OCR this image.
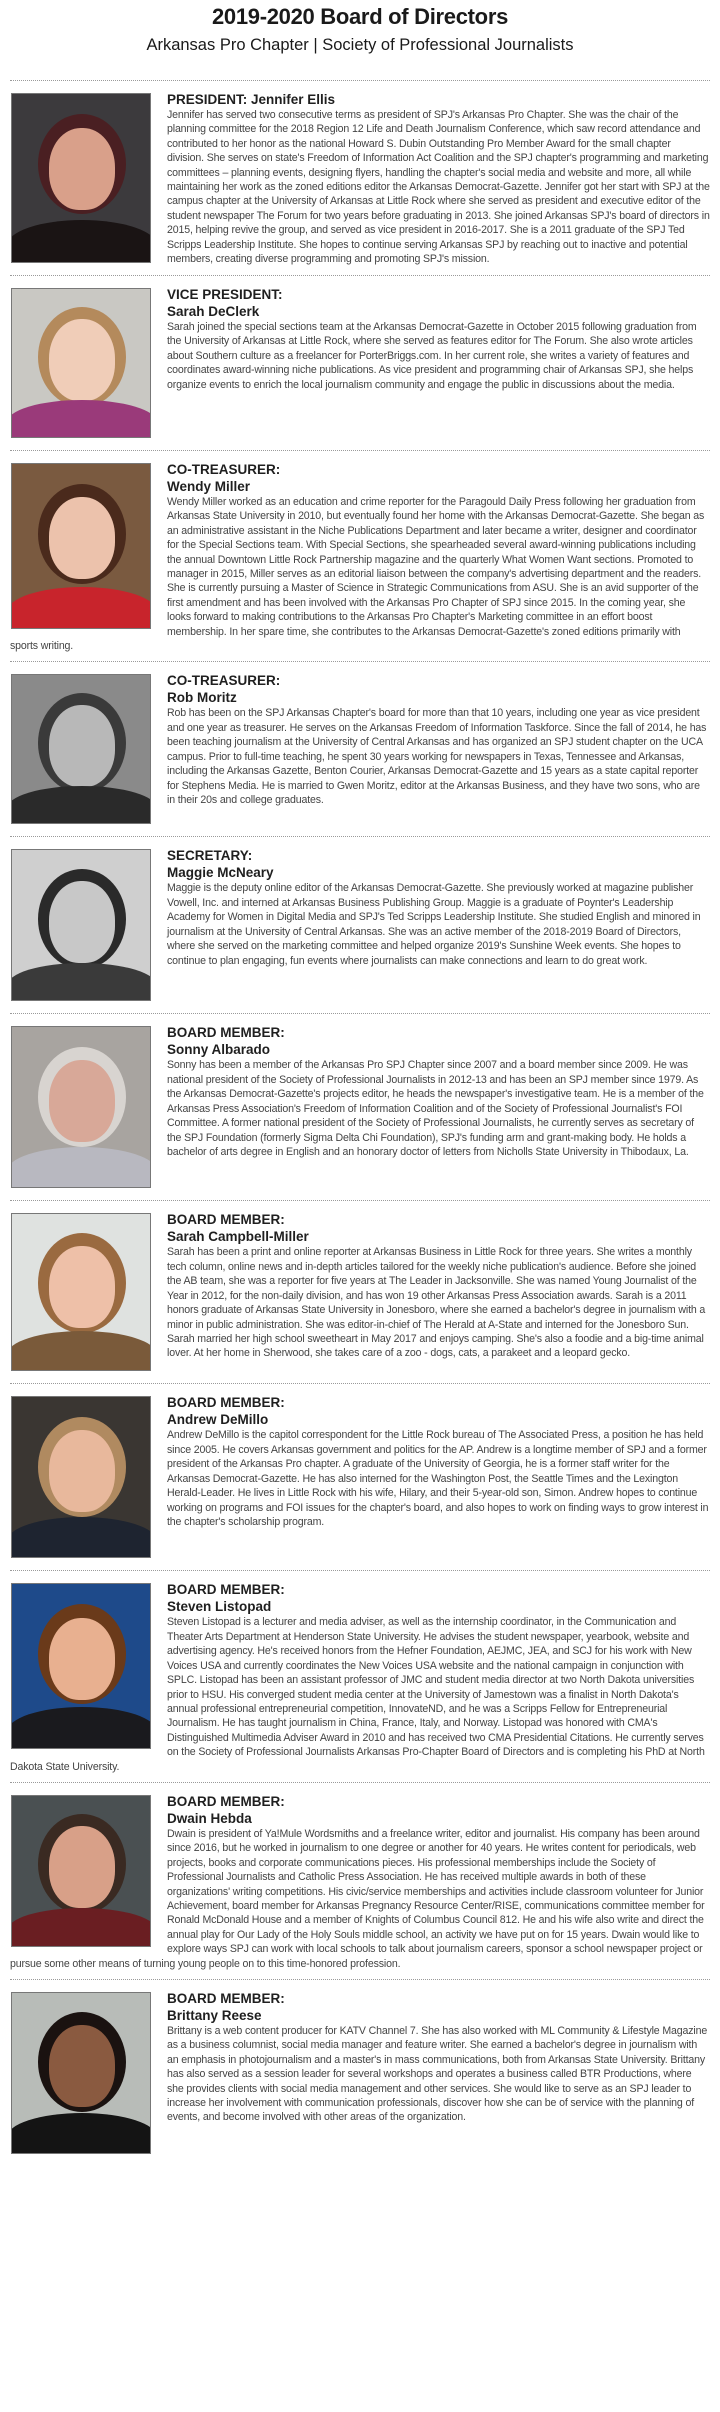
2019-2020 Board of Directors
Arkansas Pro Chapter | Society of Professional Journalists
PRESIDENT: Jennifer Ellis
Jennifer has served two consecutive terms as president of SPJ's Arkansas Pro Chapter. She was the chair of the planning committee for the 2018 Region 12 Life and Death Journalism Conference, which saw record attendance and contributed to her honor as the national Howard S. Dubin Outstanding Pro Member Award for the small chapter division. She serves on state's Freedom of Information Act Coalition and the SPJ chapter's programming and marketing committees – planning events, designing flyers, handling the chapter's social media and website and more, all while maintaining her work as the zoned editions editor the Arkansas Democrat-Gazette. Jennifer got her start with SPJ at the campus chapter at the University of Arkansas at Little Rock where she served as president and executive editor of the student newspaper The Forum for two years before graduating in 2013. She joined Arkansas SPJ's board of directors in 2015, helping revive the group, and served as vice president in 2016-2017. She is a 2011 graduate of the SPJ Ted Scripps Leadership Institute. She hopes to continue serving Arkansas SPJ by reaching out to inactive and potential members, creating diverse programming and promoting SPJ's mission.
VICE PRESIDENT:
Sarah DeClerk
Sarah joined the special sections team at the Arkansas Democrat-Gazette in October 2015 following graduation from the University of Arkansas at Little Rock, where she served as features editor for The Forum. She also wrote articles about Southern culture as a freelancer for PorterBriggs.com. In her current role, she writes a variety of features and coordinates award-winning niche publications. As vice president and programming chair of Arkansas SPJ, she helps organize events to enrich the local journalism community and engage the public in discussions about the media.
CO-TREASURER:
Wendy Miller
Wendy Miller worked as an education and crime reporter for the Paragould Daily Press following her graduation from Arkansas State University in 2010, but eventually found her home with the Arkansas Democrat-Gazette. She began as an administrative assistant in the Niche Publications Department and later became a writer, designer and coordinator for the Special Sections team. With Special Sections, she spearheaded several award-winning publications including the annual Downtown Little Rock Partnership magazine and the quarterly What Women Want sections. Promoted to manager in 2015, Miller serves as an editorial liaison between the company's advertising department and the readers. She is currently pursuing a Master of Science in Strategic Communications from ASU. She is an avid supporter of the first amendment and has been involved with the Arkansas Pro Chapter of SPJ since 2015. In the coming year, she looks forward to making contributions to the Arkansas Pro Chapter's Marketing committee in an effort boost membership. In her spare time, she contributes to the Arkansas Democrat-Gazette's zoned editions primarily with sports writing.
CO-TREASURER:
Rob Moritz
Rob has been on the SPJ Arkansas Chapter's board for more than that 10 years, including one year as vice president and one year as treasurer. He serves on the Arkansas Freedom of Information Taskforce. Since the fall of 2014, he has been teaching journalism at the University of Central Arkansas and has organized an SPJ student chapter on the UCA campus. Prior to full-time teaching, he spent 30 years working for newspapers in Texas, Tennessee and Arkansas, including the Arkansas Gazette, Benton Courier, Arkansas Democrat-Gazette and 15 years as a state capital reporter for Stephens Media. He is married to Gwen Moritz, editor at the Arkansas Business, and they have two sons, who are in their 20s and college graduates.
SECRETARY:
Maggie McNeary
Maggie is the deputy online editor of the Arkansas Democrat-Gazette. She previously worked at magazine publisher Vowell, Inc. and interned at Arkansas Business Publishing Group. Maggie is a graduate of Poynter's Leadership Academy for Women in Digital Media and SPJ's Ted Scripps Leadership Institute. She studied English and minored in journalism at the University of Central Arkansas. She was an active member of the 2018-2019 Board of Directors, where she served on the marketing committee and helped organize 2019's Sunshine Week events. She hopes to continue to plan engaging, fun events where journalists can make connections and learn to do great work.
BOARD MEMBER:
Sonny Albarado
Sonny has been a member of the Arkansas Pro SPJ Chapter since 2007 and a board member since 2009. He was national president of the Society of Professional Journalists in 2012-13 and has been an SPJ member since 1979. As the Arkansas Democrat-Gazette's projects editor, he heads the newspaper's investigative team. He is a member of the Arkansas Press Association's Freedom of Information Coalition and of the Society of Professional Journalist's FOI Committee. A former national president of the Society of Professional Journalists, he currently serves as secretary of the SPJ Foundation (formerly Sigma Delta Chi Foundation), SPJ's funding arm and grant-making body. He holds a bachelor of arts degree in English and an honorary doctor of letters from Nicholls State University in Thibodaux, La.
BOARD MEMBER:
Sarah Campbell-Miller
Sarah has been a print and online reporter at Arkansas Business in Little Rock for three years. She writes a monthly tech column, online news and in-depth articles tailored for the weekly niche publication's audience. Before she joined the AB team, she was a reporter for five years at The Leader in Jacksonville. She was named Young Journalist of the Year in 2012, for the non-daily division, and has won 19 other Arkansas Press Association awards. Sarah is a 2011 honors graduate of Arkansas State University in Jonesboro, where she earned a bachelor's degree in journalism with a minor in public administration. She was editor-in-chief of The Herald at A-State and interned for the Jonesboro Sun. Sarah married her high school sweetheart in May 2017 and enjoys camping. She's also a foodie and a big-time animal lover. At her home in Sherwood, she takes care of a zoo - dogs, cats, a parakeet and a leopard gecko.
BOARD MEMBER:
Andrew DeMillo
Andrew DeMillo is the capitol correspondent for the Little Rock bureau of The Associated Press, a position he has held since 2005. He covers Arkansas government and politics for the AP. Andrew is a longtime member of SPJ and a former president of the Arkansas Pro chapter. A graduate of the University of Georgia, he is a former staff writer for the Arkansas Democrat-Gazette. He has also interned for the Washington Post, the Seattle Times and the Lexington Herald-Leader. He lives in Little Rock with his wife, Hilary, and their 5-year-old son, Simon. Andrew hopes to continue working on programs and FOI issues for the chapter's board, and also hopes to work on finding ways to grow interest in the chapter's scholarship program.
BOARD MEMBER:
Steven Listopad
Steven Listopad is a lecturer and media adviser, as well as the internship coordinator, in the Communication and Theater Arts Department at Henderson State University. He advises the student newspaper, yearbook, website and advertising agency. He's received honors from the Hefner Foundation, AEJMC, JEA, and SCJ for his work with New Voices USA and currently coordinates the New Voices USA website and the national campaign in conjunction with SPLC. Listopad has been an assistant professor of JMC and student media director at two North Dakota universities prior to HSU. His converged student media center at the University of Jamestown was a finalist in North Dakota's annual professional entrepreneurial competition, InnovateND, and he was a Scripps Fellow for Entrepreneurial Journalism. He has taught journalism in China, France, Italy, and Norway. Listopad was honored with CMA's Distinguished Multimedia Adviser Award in 2010 and has received two CMA Presidential Citations. He currently serves on the Society of Professional Journalists Arkansas Pro-Chapter Board of Directors and is completing his PhD at North Dakota State University.
BOARD MEMBER:
Dwain Hebda
Dwain is president of Ya!Mule Wordsmiths and a freelance writer, editor and journalist. His company has been around since 2016, but he worked in journalism to one degree or another for 40 years. He writes content for periodicals, web projects, books and corporate communications pieces. His professional memberships include the Society of Professional Journalists and Catholic Press Association. He has received multiple awards in both of these organizations' writing competitions. His civic/service memberships and activities include classroom volunteer for Junior Achievement, board member for Arkansas Pregnancy Resource Center/RISE, communications committee member for Ronald McDonald House and a member of Knights of Columbus Council 812. He and his wife also write and direct the annual play for Our Lady of the Holy Souls middle school, an activity we have put on for 15 years. Dwain would like to explore ways SPJ can work with local schools to talk about journalism careers, sponsor a school newspaper project or pursue some other means of turning young people on to this time-honored profession.
BOARD MEMBER:
Brittany Reese
Brittany is a web content producer for KATV Channel 7. She has also worked with ML Community & Lifestyle Magazine as a business columnist, social media manager and feature writer. She earned a bachelor's degree in journalism with an emphasis in photojournalism and a master's in mass communications, both from Arkansas State University. Brittany has also served as a session leader for several workshops and operates a business called BTR Productions, where she provides clients with social media management and other services. She would like to serve as an SPJ leader to increase her involvement with communication professionals, discover how she can be of service with the planning of events, and become involved with other areas of the organization.
